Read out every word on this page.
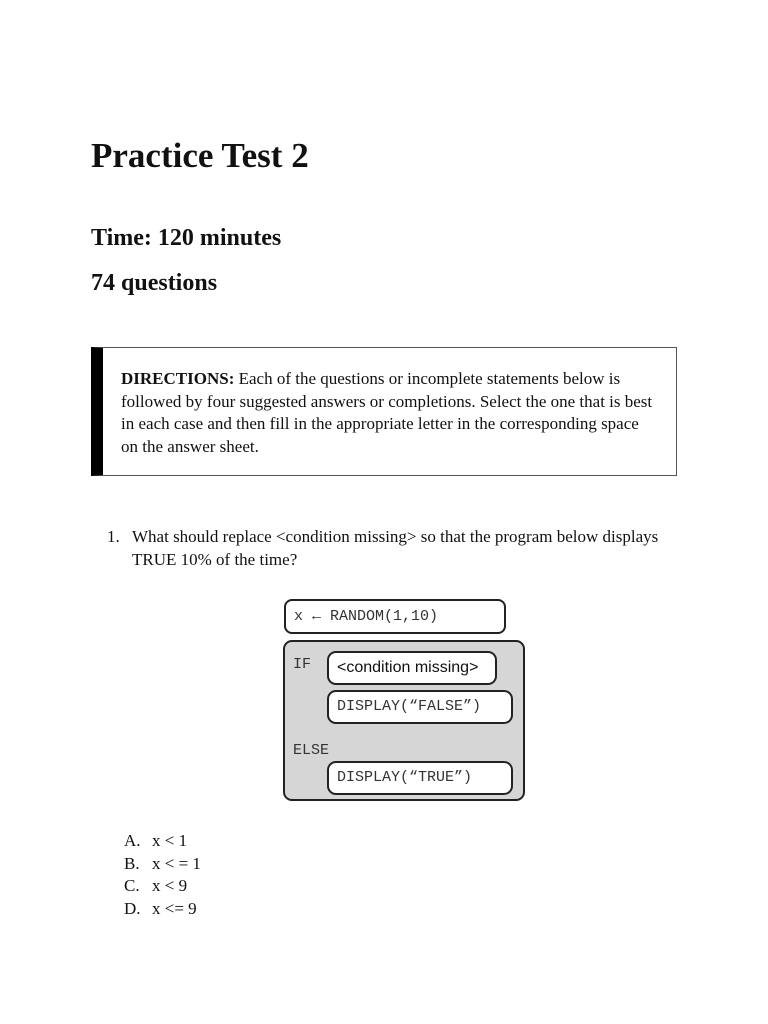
Practice Test 2

Time: 120 minutes

74 questions

DIRECTIONS: Each of the questions or incomplete statements below is followed by four suggested answers or completions. Select the one that is best in each case and then fill in the appropriate letter in the corresponding space on the answer sheet.
1. What should replace <condition missing> so that the program below displays TRUE 10% of the time?
x ← RANDOM(1,10)
IF	<condition missing>
DISPLAY(“FALSE”)
ELSE
DISPLAY(“TRUE”)
A. x < 1
B. x < = 1
C. x < 9
D. x <= 9
